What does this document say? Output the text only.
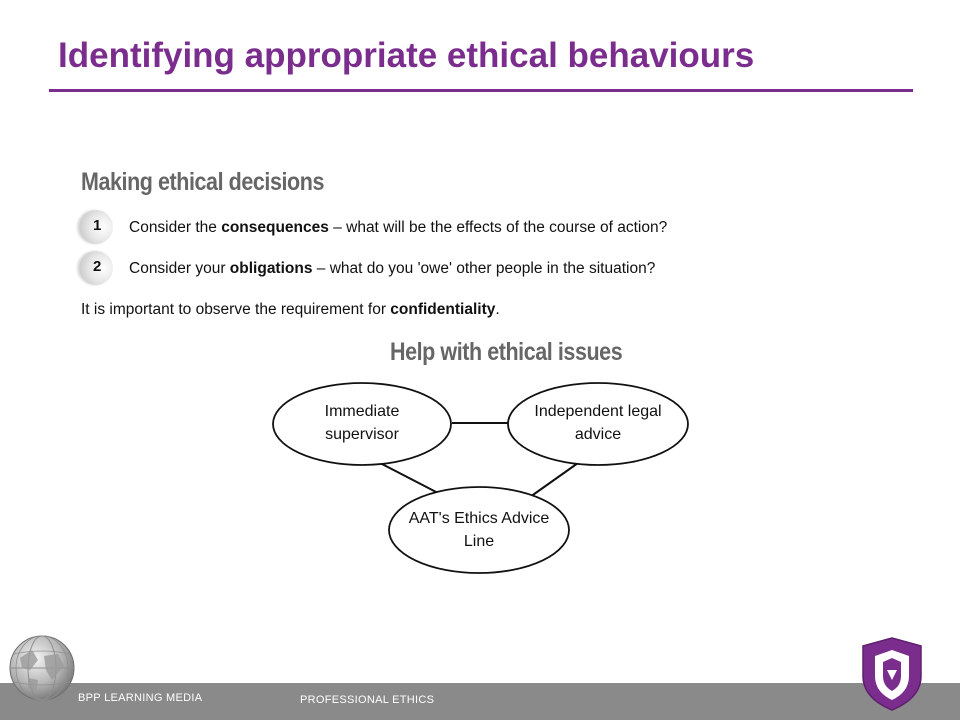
Identifying appropriate ethical behaviours
Making ethical decisions
1 Consider the consequences – what will be the effects of the course of action?
2 Consider your obligations – what do you 'owe' other people in the situation?
It is important to observe the requirement for confidentiality.
Help with ethical issues
Immediate
supervisor
Independent legal
advice
AAT's Ethics Advice
Line
BPP LEARNING MEDIA	PROFESSIONAL ETHICS
